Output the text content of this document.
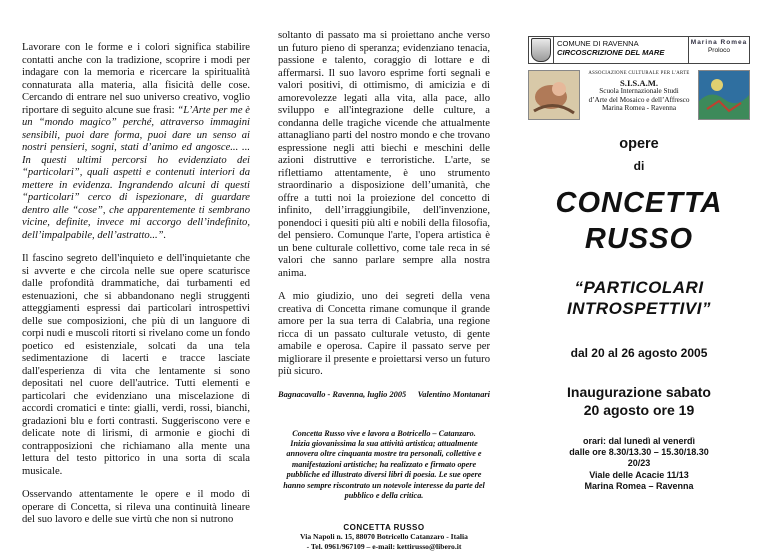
Lavorare con le forme e i colori significa stabilire contatti anche con la tradizione, scoprire i modi per indagare con la memoria e ricercare la spiritualità connaturata alla materia, alla fisicità delle cose. Cercando di entrare nel suo universo creativo, voglio riportare di seguito alcune sue frasi: “L’Arte per me è un “mondo magico” perché, attraverso immagini sensibili, puoi dare forma, puoi dare un senso ai nostri pensieri, sogni, stati d’animo ed angosce... ... In questi ultimi percorsi ho evidenziato dei “particolari”, quali aspetti e contenuti interiori da mettere in evidenza. Ingrandendo alcuni di questi “particolari” cerco di ispezionare, di guardare dentro alle “cose”, che apparentemente ti sembrano vicine, definite, invece mi accorgo dell’indefinito, dell’impalpabile, dell’astratto...”.

Il fascino segreto dell'inquieto e dell'inquietante che si avverte e che circola nelle sue opere scaturisce dalle profondità drammatiche, dai turbamenti ed estenuazioni, che si abbandonano negli struggenti atteggiamenti espressi dai particolari introspettivi delle sue composizioni, che più di un languore di corpi nudi e muscoli ritorti si rivelano come un fondo poetico ed esistenziale, solcati da una tela sedimentazione di lacerti e tracce lasciate dall'esperienza di vita che lentamente si sono depositati nel cuore dell'autrice. Tutti elementi e particolari che evidenziano una miscelazione di accordi cromatici e tinte: gialli, verdi, rossi, bianchi, gradazioni blu e forti contrasti. Suggeriscono vere e delicate note di lirismi, di armonie e giochi di contrapposizioni che richiamano alla mente una lettura del testo pittorico in una sorta di scala musicale.

Osservando attentamente le opere e il modo di operare di Concetta, si rileva una continuità lineare del suo lavoro e delle sue virtù che non si nutrono

soltanto di passato ma si proiettano anche verso un futuro pieno di speranza; evidenziano tenacia, passione e talento, coraggio di lottare e di affermarsi. Il suo lavoro esprime forti segnali e valori positivi, di ottimismo, di amicizia e di amorevolezze legati alla vita, alla pace, allo sviluppo e all'integrazione delle culture, a condanna delle tragiche vicende che attualmente attanagliano parti del nostro mondo e che trovano espressione negli atti biechi e meschini delle azioni distruttive e terroristiche. L'arte, se riflettiamo attentamente, è uno strumento straordinario a disposizione dell’umanità, che offre a tutti noi la proiezione del concetto di infinito, dell’irraggiungibile, dell'invenzione, ponendoci i quesiti più alti e nobili della filosofia, del pensiero. Comunque l'arte, l'opera artistica è un bene culturale collettivo, come tale reca in sé valori che sanno parlare sempre alla nostra anima.

A mio giudizio, uno dei segreti della vena creativa di Concetta rimane comunque il grande amore per la sua terra di Calabria, una regione ricca di un passato culturale vetusto, di gente amabile e operosa. Capire il passato serve per migliorare il presente e proiettarsi verso un futuro più sicuro.

Bagnacavallo - Ravenna, luglio 2005 Valentino Montanari
Concetta Russo vive e lavora a Botricello – Catanzaro. Inizia giovanissima la sua attività artistica; attualmente annovera oltre cinquanta mostre tra personali, collettive e manifestazioni artistiche; ha realizzato e firmato opere pubbliche ed illustrato diversi libri di poesia. Le sue opere hanno sempre riscontrato un notevole interesse da parte del pubblico e della critica.
CONCETTA RUSSO
Via Napoli n. 15, 88070 Botricello Catanzaro - Italia
- Tel. 0961/967109 – e-mail: kettirusso@libero.it
COMUNE DI RAVENNA
CIRCOSCRIZIONE DEL MARE
Marina Romea
Proloco
ASSOCIAZIONE CULTURALE PER L'ARTE
S.I.S.A.M.
Scuola Internazionale Studi
d’Arte del Mosaico e dell’Affresco
Marina Romea - Ravenna
opere
di
CONCETTA
RUSSO
“PARTICOLARI
INTROSPETTIVI”
dal 20 al 26 agosto 2005
Inaugurazione sabato
20 agosto ore 19
orari: dal lunedì al venerdì
dalle ore 8.30/13.30 – 15.30/18.30
20/23
Viale delle Acacie 11/13
Marina Romea – Ravenna
